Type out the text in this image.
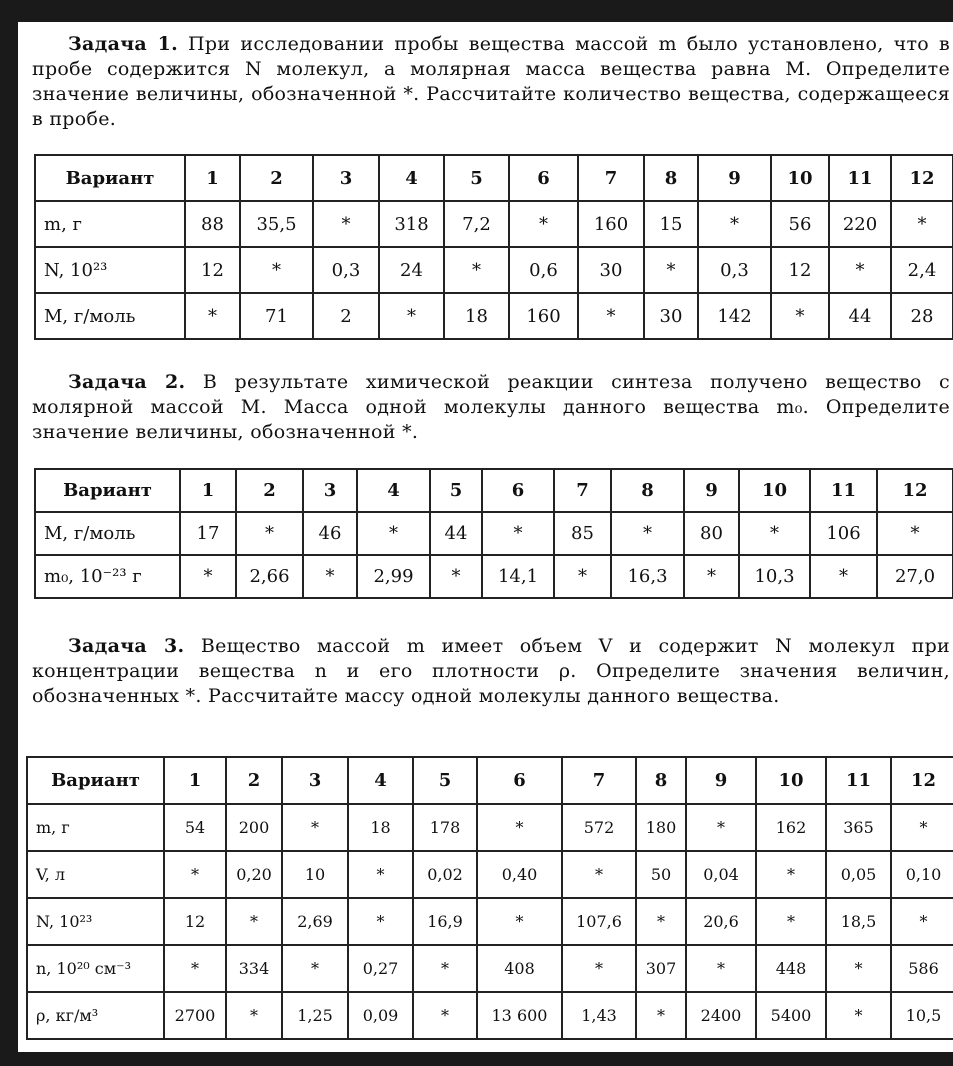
Задача 1. При исследовании пробы вещества массой m было установлено, что в пробе содержится N молекул, а молярная масса вещества равна M. Определите значение величины, обозначенной *. Рассчитайте количество вещества, содержащееся в пробе.
Вариант	1	2	3	4	5	6	7	8	9	10	11	12
m, г	88	35,5	*	318	7,2	*	160	15	*	56	220	*
N, 10²³	12	*	0,3	24	*	0,6	30	*	0,3	12	*	2,4
M, г/моль	*	71	2	*	18	160	*	30	142	*	44	28
Задача 2. В результате химической реакции синтеза получено вещество с молярной массой M. Масса одной молекулы данного вещества m₀. Определите значение величины, обозначенной *.
Вариант	1	2	3	4	5	6	7	8	9	10	11	12
M, г/моль	17	*	46	*	44	*	85	*	80	*	106	*
m₀, 10⁻²³ г	*	2,66	*	2,99	*	14,1	*	16,3	*	10,3	*	27,0
Задача 3. Вещество массой m имеет объем V и содержит N молекул при концентрации вещества n и его плотности ρ. Определите значения величин, обозначенных *. Рассчитайте массу одной молекулы данного вещества.
Вариант	1	2	3	4	5	6	7	8	9	10	11	12
m, г	54	200	*	18	178	*	572	180	*	162	365	*
V, л	*	0,20	10	*	0,02	0,40	*	50	0,04	*	0,05	0,10
N, 10²³	12	*	2,69	*	16,9	*	107,6	*	20,6	*	18,5	*
n, 10²⁰ см⁻³	*	334	*	0,27	*	408	*	307	*	448	*	586
ρ, кг/м³	2700	*	1,25	0,09	*	13 600	1,43	*	2400	5400	*	10,5
